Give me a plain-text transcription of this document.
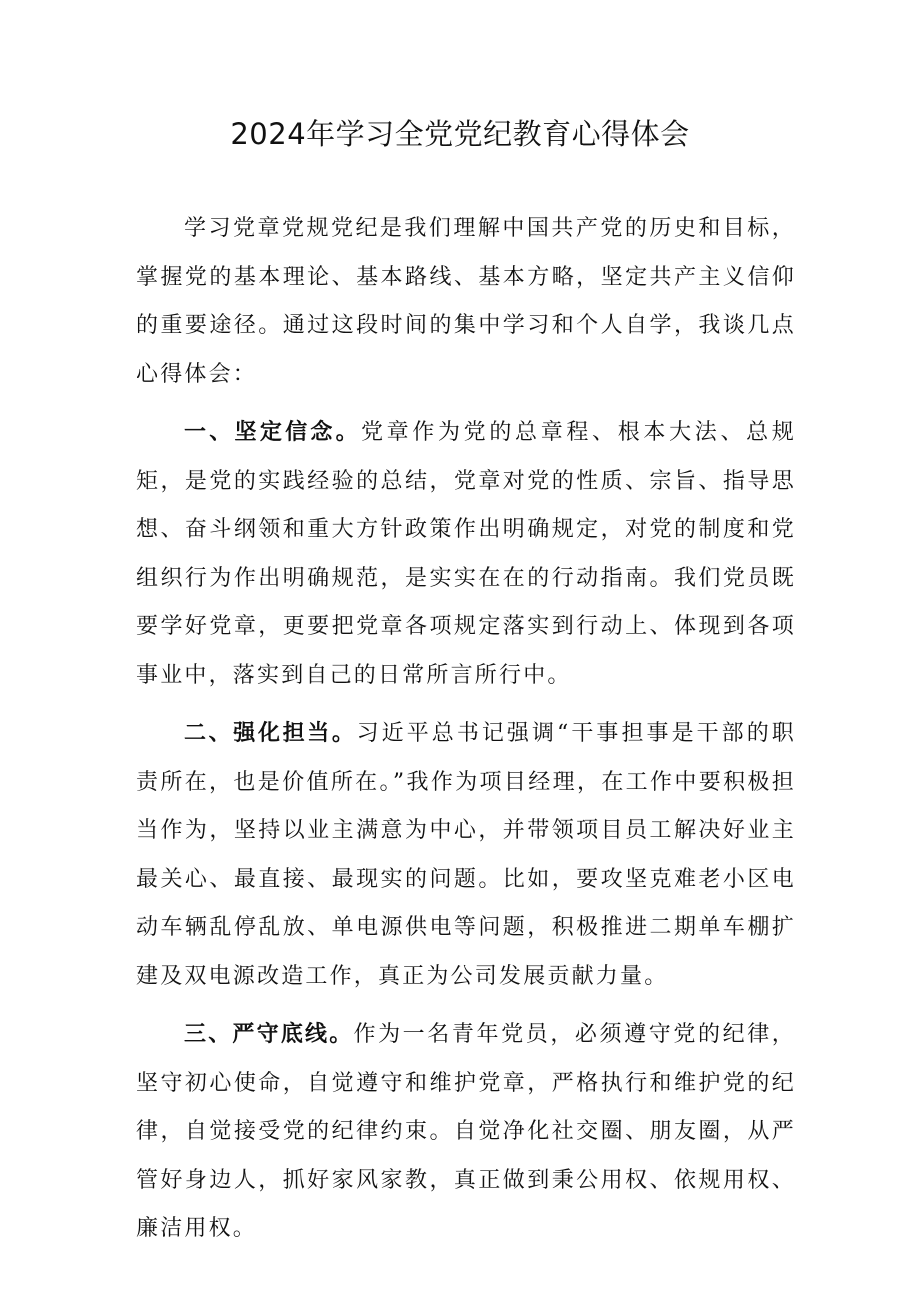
2024年学习全党党纪教育心得体会

学习党章党规党纪是我们理解中国共产党的历史和目标，掌握党的基本理论、基本路线、基本方略，坚定共产主义信仰的重要途径。通过这段时间的集中学习和个人自学，我谈几点心得体会：

一、坚定信念。党章作为党的总章程、根本大法、总规矩，是党的实践经验的总结，党章对党的性质、宗旨、指导思想、奋斗纲领和重大方针政策作出明确规定，对党的制度和党组织行为作出明确规范，是实实在在的行动指南。我们党员既要学好党章，更要把党章各项规定落实到行动上、体现到各项事业中，落实到自己的日常所言所行中。

二、强化担当。习近平总书记强调“干事担事是干部的职责所在，也是价值所在。”我作为项目经理，在工作中要积极担当作为，坚持以业主满意为中心，并带领项目员工解决好业主最关心、最直接、最现实的问题。比如，要攻坚克难老小区电动车辆乱停乱放、单电源供电等问题，积极推进二期单车棚扩建及双电源改造工作，真正为公司发展贡献力量。

三、严守底线。作为一名青年党员，必须遵守党的纪律，坚守初心使命，自觉遵守和维护党章，严格执行和维护党的纪律，自觉接受党的纪律约束。自觉净化社交圈、朋友圈，从严管好身边人，抓好家风家教，真正做到秉公用权、依规用权、廉洁用权。
